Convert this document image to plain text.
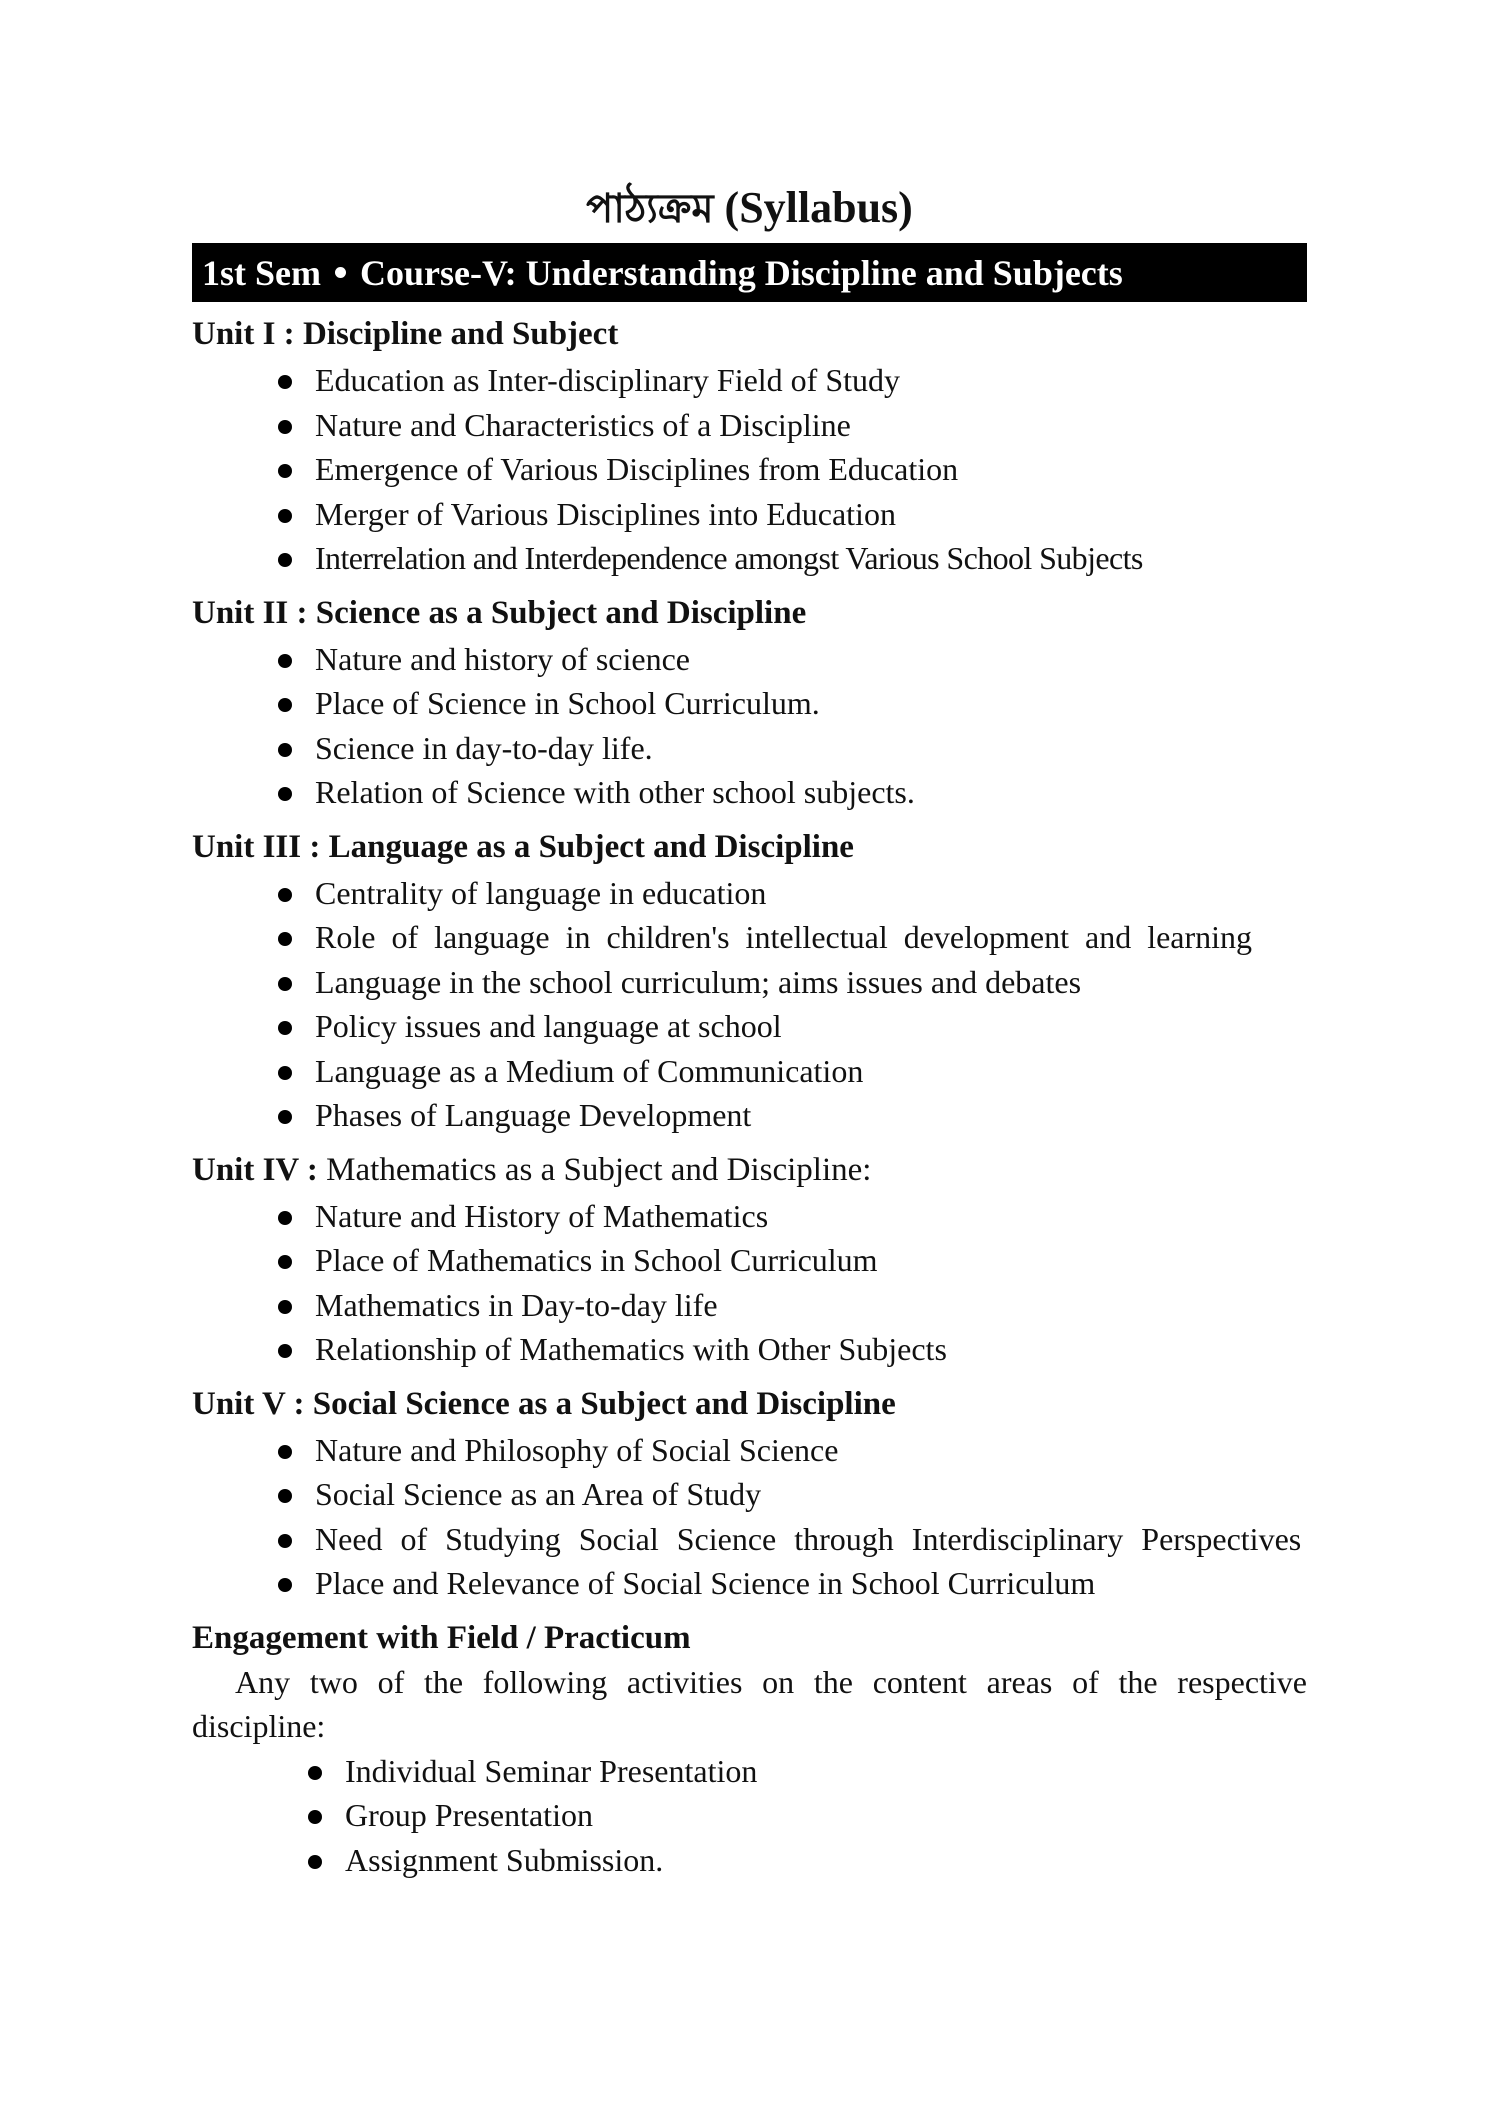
পাঠ্যক্রম (Syllabus)
1st Sem Course-V: Understanding Discipline and Subjects
Unit I : Discipline and Subject
Education as Inter-disciplinary Field of Study
Nature and Characteristics of a Discipline
Emergence of Various Disciplines from Education
Merger of Various Disciplines into Education
Interrelation and Interdependence amongst Various School Subjects
Unit II : Science as a Subject and Discipline
Nature and history of science
Place of Science in School Curriculum.
Science in day-to-day life.
Relation of Science with other school subjects.
Unit III : Language as a Subject and Discipline
Centrality of language in education
Role of language in children's intellectual development and learning
Language in the school curriculum; aims issues and debates
Policy issues and language at school
Language as a Medium of Communication
Phases of Language Development
Unit IV : Mathematics as a Subject and Discipline:
Nature and History of Mathematics
Place of Mathematics in School Curriculum
Mathematics in Day-to-day life
Relationship of Mathematics with Other Subjects
Unit V : Social Science as a Subject and Discipline
Nature and Philosophy of Social Science
Social Science as an Area of Study
Need of Studying Social Science through Interdisciplinary Perspectives
Place and Relevance of Social Science in School Curriculum
Engagement with Field / Practicum
Any two of the following activities on the content areas of the respective discipline:
Individual Seminar Presentation
Group Presentation
Assignment Submission.
